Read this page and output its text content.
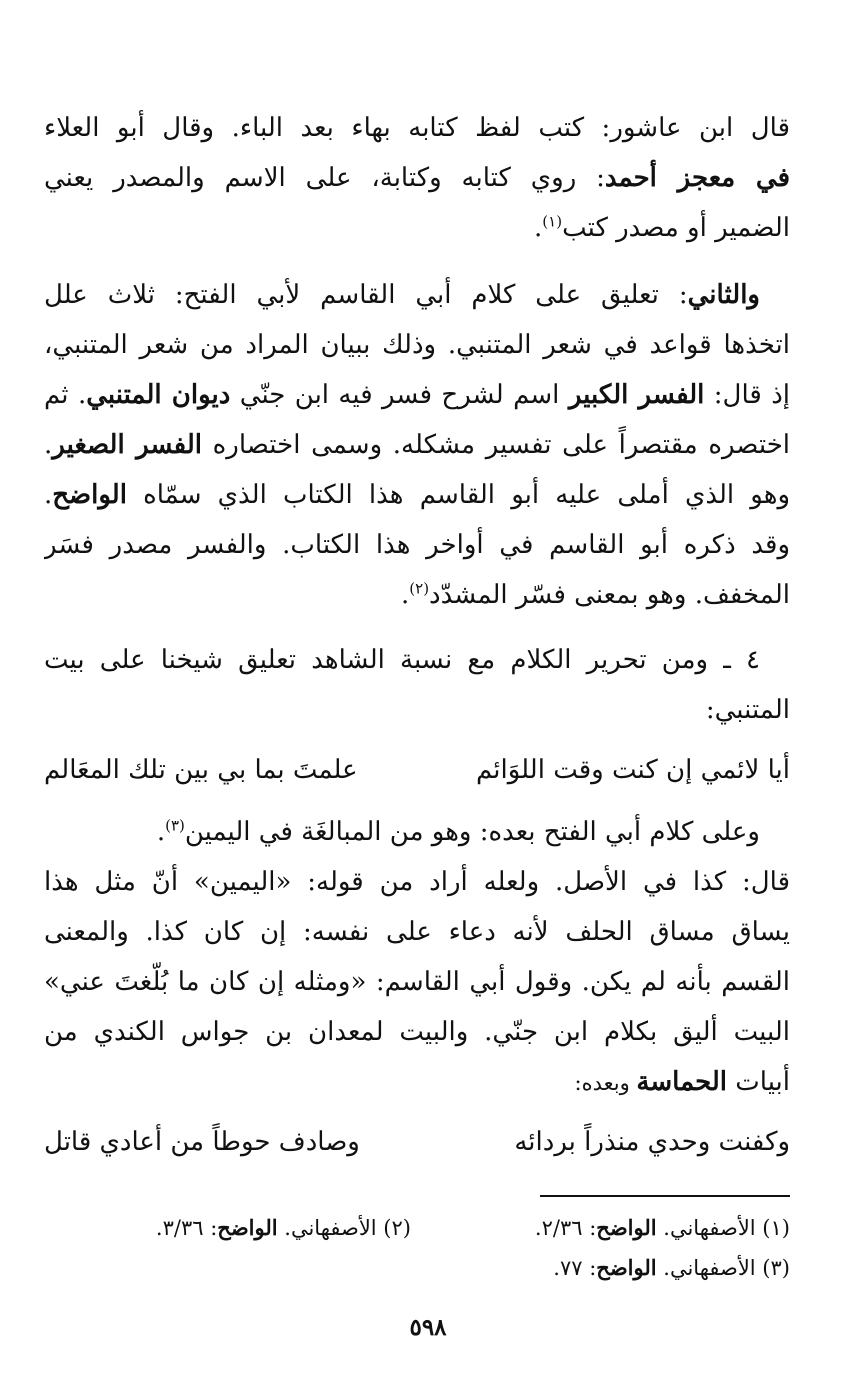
قال ابن عاشور: كتب لفظ كتابه بهاء بعد الباء. وقال أبو العلاء
في معجز أحمد: روي كتابه وكتابة، على الاسم والمصدر يعني
الضمير أو مصدر كتب$^{(١)}$.
والثاني: تعليق على كلام أبي القاسم لأبي الفتح: ثلاث علل
اتخذها قواعد في شعر المتنبي. وذلك ببيان المراد من شعر المتنبي،
إذ قال: الفسر الكبير اسم لشرح فسر فيه ابن جنّي ديوان المتنبي. ثم
اختصره مقتصراً على تفسير مشكله. وسمى اختصاره الفسر الصغير.
وهو الذي أملى عليه أبو القاسم هذا الكتاب الذي سمّاه الواضح.
وقد ذكره أبو القاسم في أواخر هذا الكتاب. والفسر مصدر فسَر
المخفف. وهو بمعنى فسّر المشدّد$^{(٢)}$.
٤ ـ ومن تحرير الكلام مع نسبة الشاهد تعليق شيخنا على بيت
المتنبي:
أيا لائمي إن كنت وقت اللوَائم
علمتَ بما بي بين تلك المعَالم
وعلى كلام أبي الفتح بعده: وهو من المبالغَة في اليمين$^{(٣)}$.
قال: كذا في الأصل. ولعله أراد من قوله: «اليمين» أنّ مثل هذا
يساق مساق الحلف لأنه دعاء على نفسه: إن كان كذا. والمعنى
القسم بأنه لم يكن. وقول أبي القاسم: «ومثله إن كان ما بُلّغتَ عني»
البيت أليق بكلام ابن جنّي. والبيت لمعدان بن جواس الكندي من
أبيات الحماسة وبعده:
وكفنت وحدي منذراً بردائه
وصادف حوطاً من أعادي قاتل
(١) الأصفهاني. الواضح: ٢/٣٦.
(٢) الأصفهاني. الواضح: ٣/٣٦.
(٣) الأصفهاني. الواضح: ٧٧.
٥٩٨
